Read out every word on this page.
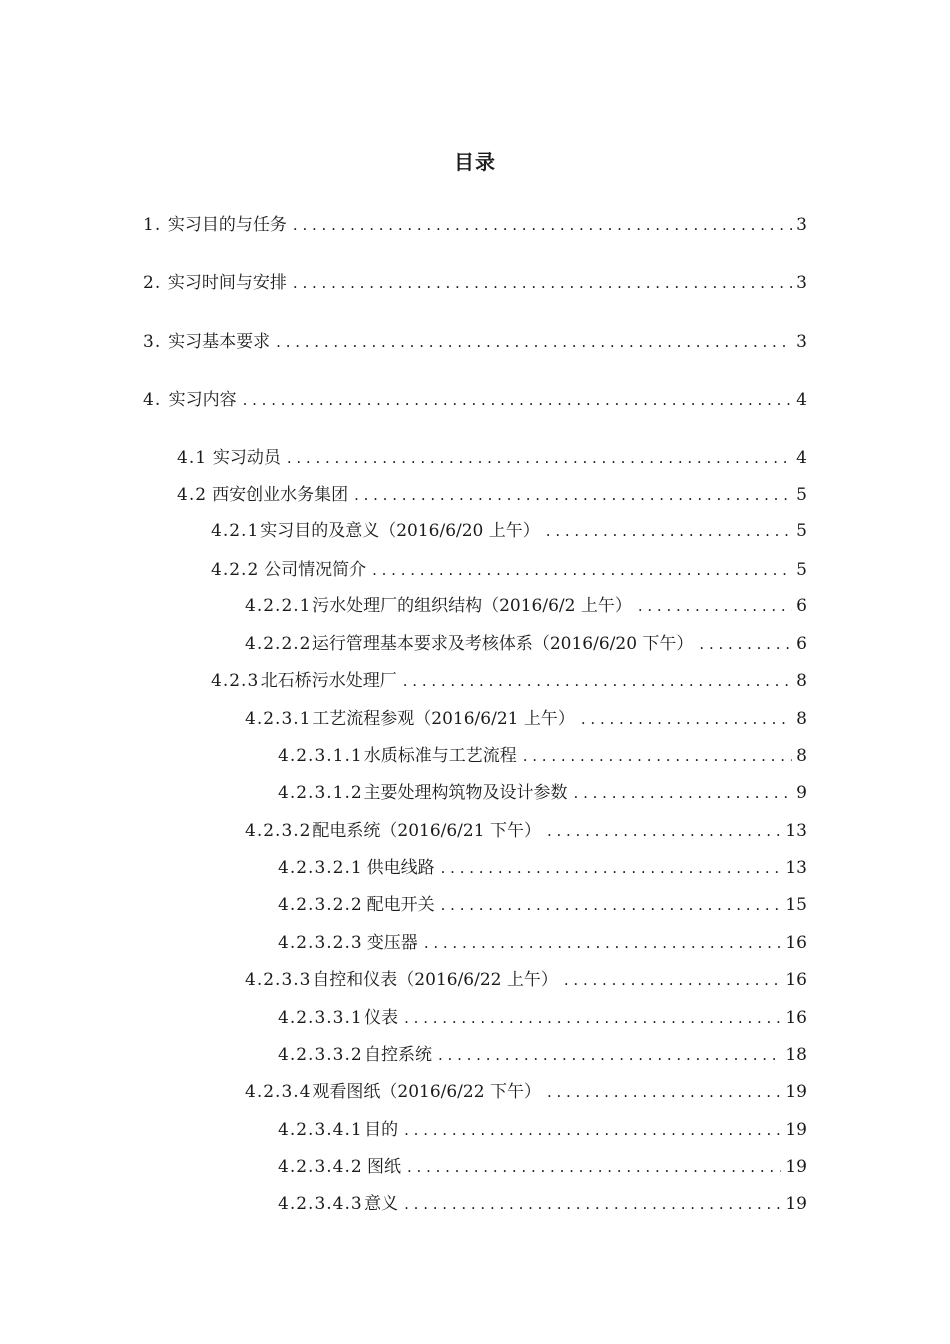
目录
1. 实习目的与任务 . . .	3
2. 实习时间与安排 . . .	3
3. 实习基本要求 . . .	3
4. 实习内容 . . .	4
4.1 实习动员 . . .	4
4.2 西安创业水务集团 . . .	5
4.2.1 实习目的及意义（2016/6/20 上午） . . .	5
4.2.2 公司情况简介 . . .	5
4.2.2.1 污水处理厂的组织结构（2016/6/2 上午） . . .	6
4.2.2.2 运行管理基本要求及考核体系（2016/6/20 下午） . . .	6
4.2.3 北石桥污水处理厂 . . .	8
4.2.3.1 工艺流程参观（2016/6/21 上午） . . .	8
4.2.3.1.1 水质标准与工艺流程 . . .	8
4.2.3.1.2 主要处理构筑物及设计参数 . . .	9
4.2.3.2 配电系统（2016/6/21 下午） . . .	13
4.2.3.2.1 供电线路 . . .	13
4.2.3.2.2 配电开关 . . .	15
4.2.3.2.3 变压器 . . .	16
4.2.3.3 自控和仪表（2016/6/22 上午） . . .	16
4.2.3.3.1 仪表 . . .	16
4.2.3.3.2 自控系统 . . .	18
4.2.3.4 观看图纸（2016/6/22 下午） . . .	19
4.2.3.4.1 目的 . . .	19
4.2.3.4.2 图纸 . . .	19
4.2.3.4.3 意义 . . .	19
